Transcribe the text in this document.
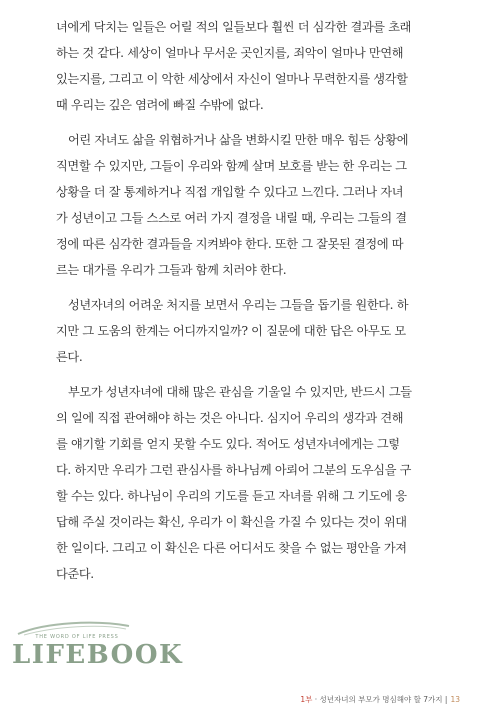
녀에게 닥치는 일들은 어릴 적의 일들보다 훨씬 더 심각한 결과를 초래
하는 것 같다. 세상이 얼마나 무서운 곳인지를, 죄악이 얼마나 만연해
있는지를, 그리고 이 악한 세상에서 자신이 얼마나 무력한지를 생각할
때 우리는 깊은 염려에 빠질 수밖에 없다.

어린 자녀도 삶을 위협하거나 삶을 변화시킬 만한 매우 힘든 상황에
직면할 수 있지만, 그들이 우리와 함께 살며 보호를 받는 한 우리는 그
상황을 더 잘 통제하거나 직접 개입할 수 있다고 느낀다. 그러나 자녀
가 성년이고 그들 스스로 여러 가지 결정을 내릴 때, 우리는 그들의 결
정에 따른 심각한 결과들을 지켜봐야 한다. 또한 그 잘못된 결정에 따
르는 대가를 우리가 그들과 함께 치러야 한다.

성년자녀의 어려운 처지를 보면서 우리는 그들을 돕기를 원한다. 하
지만 그 도움의 한계는 어디까지일까? 이 질문에 대한 답은 아무도 모
른다.

부모가 성년자녀에 대해 많은 관심을 기울일 수 있지만, 반드시 그들
의 일에 직접 관여해야 하는 것은 아니다. 심지어 우리의 생각과 견해
를 얘기할 기회를 얻지 못할 수도 있다. 적어도 성년자녀에게는 그렇
다. 하지만 우리가 그런 관심사를 하나님께 아뢰어 그분의 도우심을 구
할 수는 있다. 하나님이 우리의 기도를 듣고 자녀를 위해 그 기도에 응
답해 주실 것이라는 확신, 우리가 이 확신을 가질 수 있다는 것이 위대
한 일이다. 그리고 이 확신은 다른 어디서도 찾을 수 없는 평안을 가져
다준다.

THE WORD OF LIFE PRESS
LIFEBOOK
1부 · 성년자녀의 부모가 명심해야 할 7가지 | 13
